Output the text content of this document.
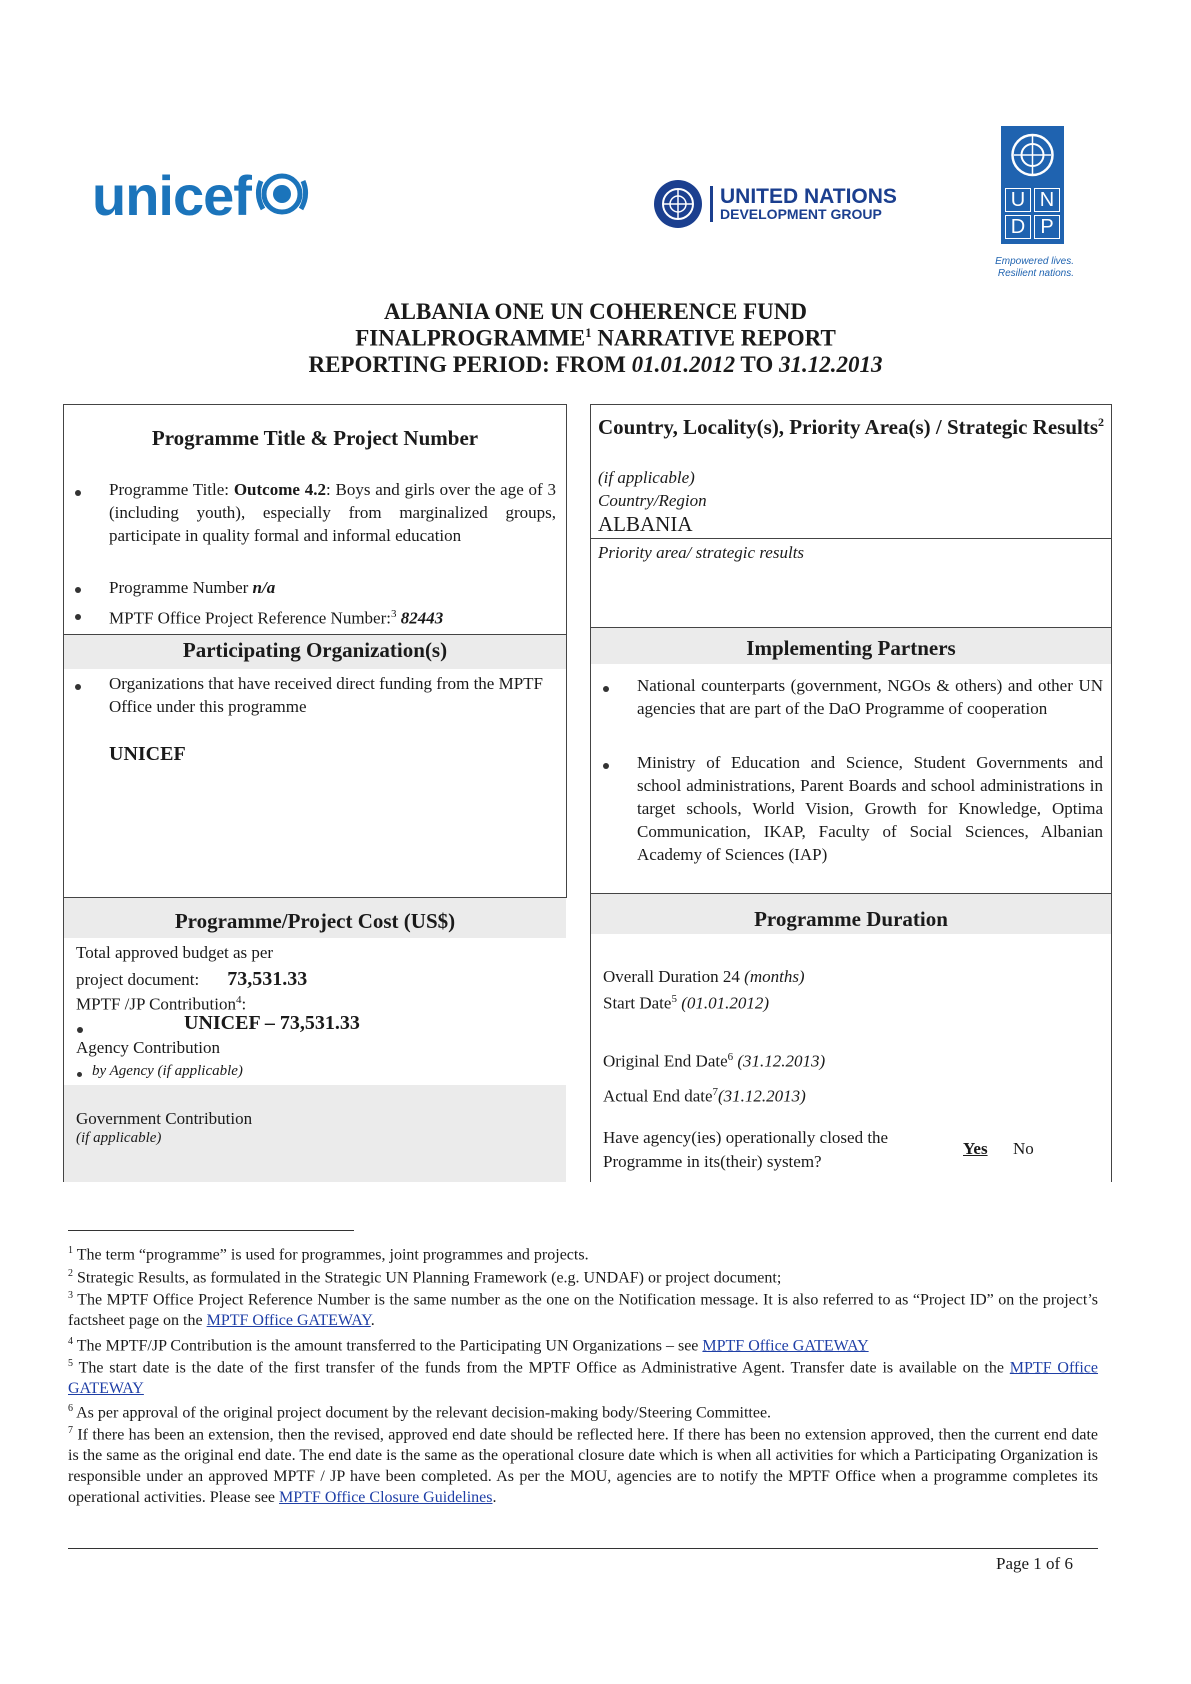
unicef	UNITED NATIONS
DEVELOPMENT GROUP
U N
D P
Empowered lives.
Resilient nations.
ALBANIA ONE UN COHERENCE FUND
FINALPROGRAMME$^1$ NARRATIVE REPORT
REPORTING PERIOD: FROM 01.01.2012 TO 31.12.2013
Programme Title & Project Number
Programme Title: Outcome 4.2: Boys and girls over the age of 3 (including youth), especially from marginalized groups, participate in quality formal and informal education
Programme Number n/a
MPTF Office Project Reference Number:$^3$ 82443
Country, Locality(s), Priority Area(s) / Strategic Results$^2$
(if applicable)
Country/Region
ALBANIA
Priority area/ strategic results
Participating Organization(s)
Organizations that have received direct funding from the MPTF Office under this programme
UNICEF
Implementing Partners
National counterparts (government, NGOs & others) and other UN agencies that are part of the DaO Programme of cooperation
Ministry of Education and Science, Student Governments and school administrations, Parent Boards and school administrations in target schools, World Vision, Growth for Knowledge, Optima Communication, IKAP, Faculty of Social Sciences, Albanian Academy of Sciences (IAP)
Programme/Project Cost (US$)
Total approved budget as per
project document: 73,531.33
MPTF /JP Contribution$^4$:
UNICEF – 73,531.33
Agency Contribution
by Agency (if applicable)
Government Contribution
(if applicable)
Programme Duration
Overall Duration 24 (months)
Start Date$^5$ (01.01.2012)
Original End Date$^6$ (31.12.2013)
Actual End date$^7$(31.12.2013)
Have agency(ies) operationally closed the
Programme in its(their) system?
Yes No
$^1$ The term “programme” is used for programmes, joint programmes and projects.
$^2$ Strategic Results, as formulated in the Strategic UN Planning Framework (e.g. UNDAF) or project document;
$^3$ The MPTF Office Project Reference Number is the same number as the one on the Notification message. It is also referred to as “Project ID” on the project’s factsheet page on the MPTF Office GATEWAY.
$^4$ The MPTF/JP Contribution is the amount transferred to the Participating UN Organizations – see MPTF Office GATEWAY
$^5$ The start date is the date of the first transfer of the funds from the MPTF Office as Administrative Agent. Transfer date is available on the MPTF Office GATEWAY
$^6$ As per approval of the original project document by the relevant decision-making body/Steering Committee.
$^7$ If there has been an extension, then the revised, approved end date should be reflected here. If there has been no extension approved, then the current end date is the same as the original end date. The end date is the same as the operational closure date which is when all activities for which a Participating Organization is responsible under an approved MPTF / JP have been completed. As per the MOU, agencies are to notify the MPTF Office when a programme completes its operational activities. Please see MPTF Office Closure Guidelines.
Page 1 of 6
